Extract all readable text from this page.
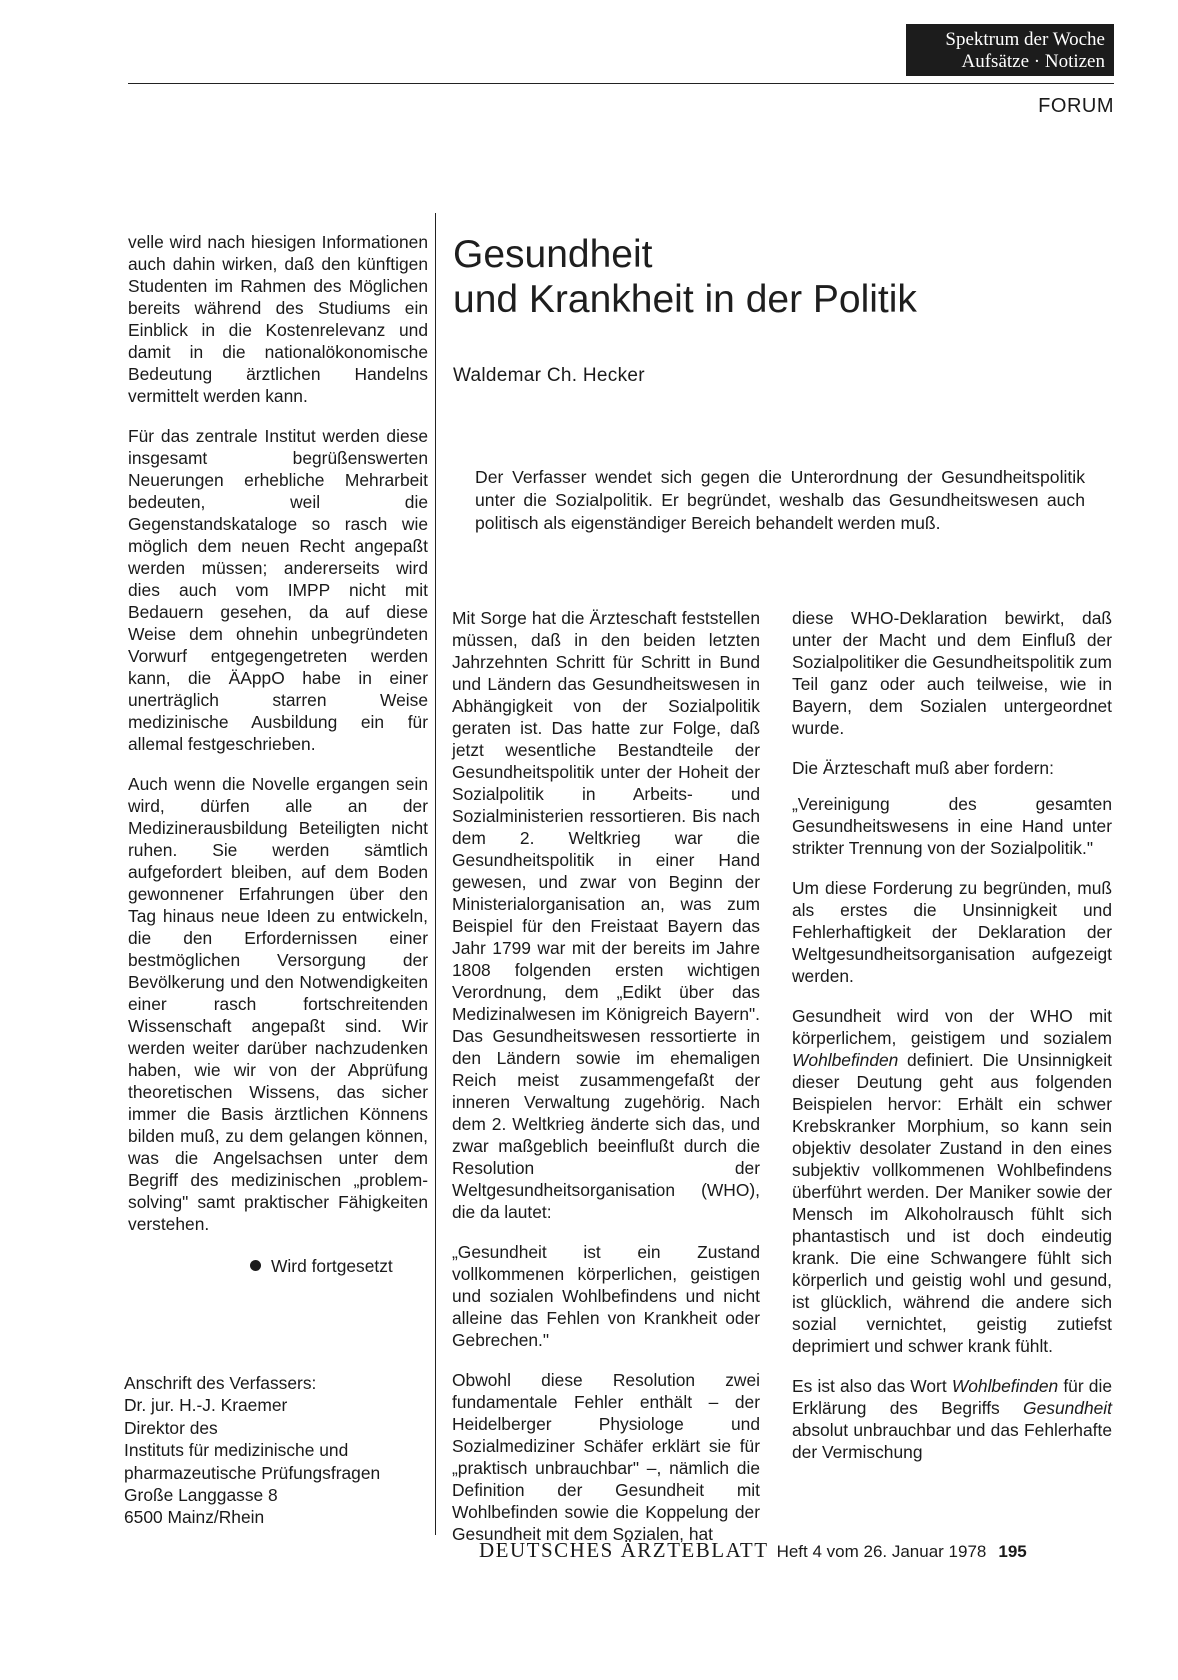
Spektrum der Woche
Aufsätze · Notizen
FORUM

velle wird nach hiesigen Informationen auch dahin wirken, daß den künftigen Studenten im Rahmen des Möglichen bereits während des Studiums ein Einblick in die Kostenrelevanz und damit in die nationalökonomische Bedeutung ärztlichen Handelns vermittelt werden kann.

Für das zentrale Institut werden diese insgesamt begrüßenswerten Neuerungen erhebliche Mehrarbeit bedeuten, weil die Gegenstandskataloge so rasch wie möglich dem neuen Recht angepaßt werden müssen; andererseits wird dies auch vom IMPP nicht mit Bedauern gesehen, da auf diese Weise dem ohnehin unbegründeten Vorwurf entgegengetreten werden kann, die ÄAppO habe in einer unerträglich starren Weise medizinische Ausbildung ein für allemal festgeschrieben.

Auch wenn die Novelle ergangen sein wird, dürfen alle an der Medizinerausbildung Beteiligten nicht ruhen. Sie werden sämtlich aufgefordert bleiben, auf dem Boden gewonnener Erfahrungen über den Tag hinaus neue Ideen zu entwickeln, die den Erfordernissen einer bestmöglichen Versorgung der Bevölkerung und den Notwendigkeiten einer rasch fortschreitenden Wissenschaft angepaßt sind. Wir werden weiter darüber nachzudenken haben, wie wir von der Abprüfung theoretischen Wissens, das sicher immer die Basis ärztlichen Könnens bilden muß, zu dem gelangen können, was die Angelsachsen unter dem Begriff des medizinischen „problem-solving" samt praktischer Fähigkeiten verstehen.

Wird fortgesetzt
Anschrift des Verfassers:
Dr. jur. H.-J. Kraemer
Direktor des
Instituts für medizinische und
pharmazeutische Prüfungsfragen
Große Langgasse 8
6500 Mainz/Rhein
Gesundheit
und Krankheit in der Politik
Waldemar Ch. Hecker
Der Verfasser wendet sich gegen die Unterordnung der Gesundheitspolitik unter die Sozialpolitik. Er begründet, weshalb das Gesundheitswesen auch politisch als eigenständiger Bereich behandelt werden muß.

Mit Sorge hat die Ärzteschaft feststellen müssen, daß in den beiden letzten Jahrzehnten Schritt für Schritt in Bund und Ländern das Gesundheitswesen in Abhängigkeit von der Sozialpolitik geraten ist. Das hatte zur Folge, daß jetzt wesentliche Bestandteile der Gesundheitspolitik unter der Hoheit der Sozialpolitik in Arbeits- und Sozialministerien ressortieren. Bis nach dem 2. Weltkrieg war die Gesundheitspolitik in einer Hand gewesen, und zwar von Beginn der Ministerialorganisation an, was zum Beispiel für den Freistaat Bayern das Jahr 1799 war mit der bereits im Jahre 1808 folgenden ersten wichtigen Verordnung, dem „Edikt über das Medizinalwesen im Königreich Bayern". Das Gesundheitswesen ressortierte in den Ländern sowie im ehemaligen Reich meist zusammengefaßt der inneren Verwaltung zugehörig. Nach dem 2. Weltkrieg änderte sich das, und zwar maßgeblich beeinflußt durch die Resolution der Weltgesundheitsorganisation (WHO), die da lautet:

„Gesundheit ist ein Zustand vollkommenen körperlichen, geistigen und sozialen Wohlbefindens und nicht alleine das Fehlen von Krankheit oder Gebrechen."

Obwohl diese Resolution zwei fundamentale Fehler enthält – der Heidelberger Physiologe und Sozialmediziner Schäfer erklärt sie für „praktisch unbrauchbar" –, nämlich die Definition der Gesundheit mit Wohlbefinden sowie die Koppelung der Gesundheit mit dem Sozialen, hat

diese WHO-Deklaration bewirkt, daß unter der Macht und dem Einfluß der Sozialpolitiker die Gesundheitspolitik zum Teil ganz oder auch teilweise, wie in Bayern, dem Sozialen untergeordnet wurde.

Die Ärzteschaft muß aber fordern:

„Vereinigung des gesamten Gesundheitswesens in eine Hand unter strikter Trennung von der Sozialpolitik."

Um diese Forderung zu begründen, muß als erstes die Unsinnigkeit und Fehlerhaftigkeit der Deklaration der Weltgesundheitsorganisation aufgezeigt werden.

Gesundheit wird von der WHO mit körperlichem, geistigem und sozialem Wohlbefinden definiert. Die Unsinnigkeit dieser Deutung geht aus folgenden Beispielen hervor: Erhält ein schwer Krebskranker Morphium, so kann sein objektiv desolater Zustand in den eines subjektiv vollkommenen Wohlbefindens überführt werden. Der Maniker sowie der Mensch im Alkoholrausch fühlt sich phantastisch und ist doch eindeutig krank. Die eine Schwangere fühlt sich körperlich und geistig wohl und gesund, ist glücklich, während die andere sich sozial vernichtet, geistig zutiefst deprimiert und schwer krank fühlt.

Es ist also das Wort Wohlbefinden für die Erklärung des Begriffs Gesundheit absolut unbrauchbar und das Fehlerhafte der Vermischung

DEUTSCHES ÄRZTEBLATT Heft 4 vom 26. Januar 1978 195
